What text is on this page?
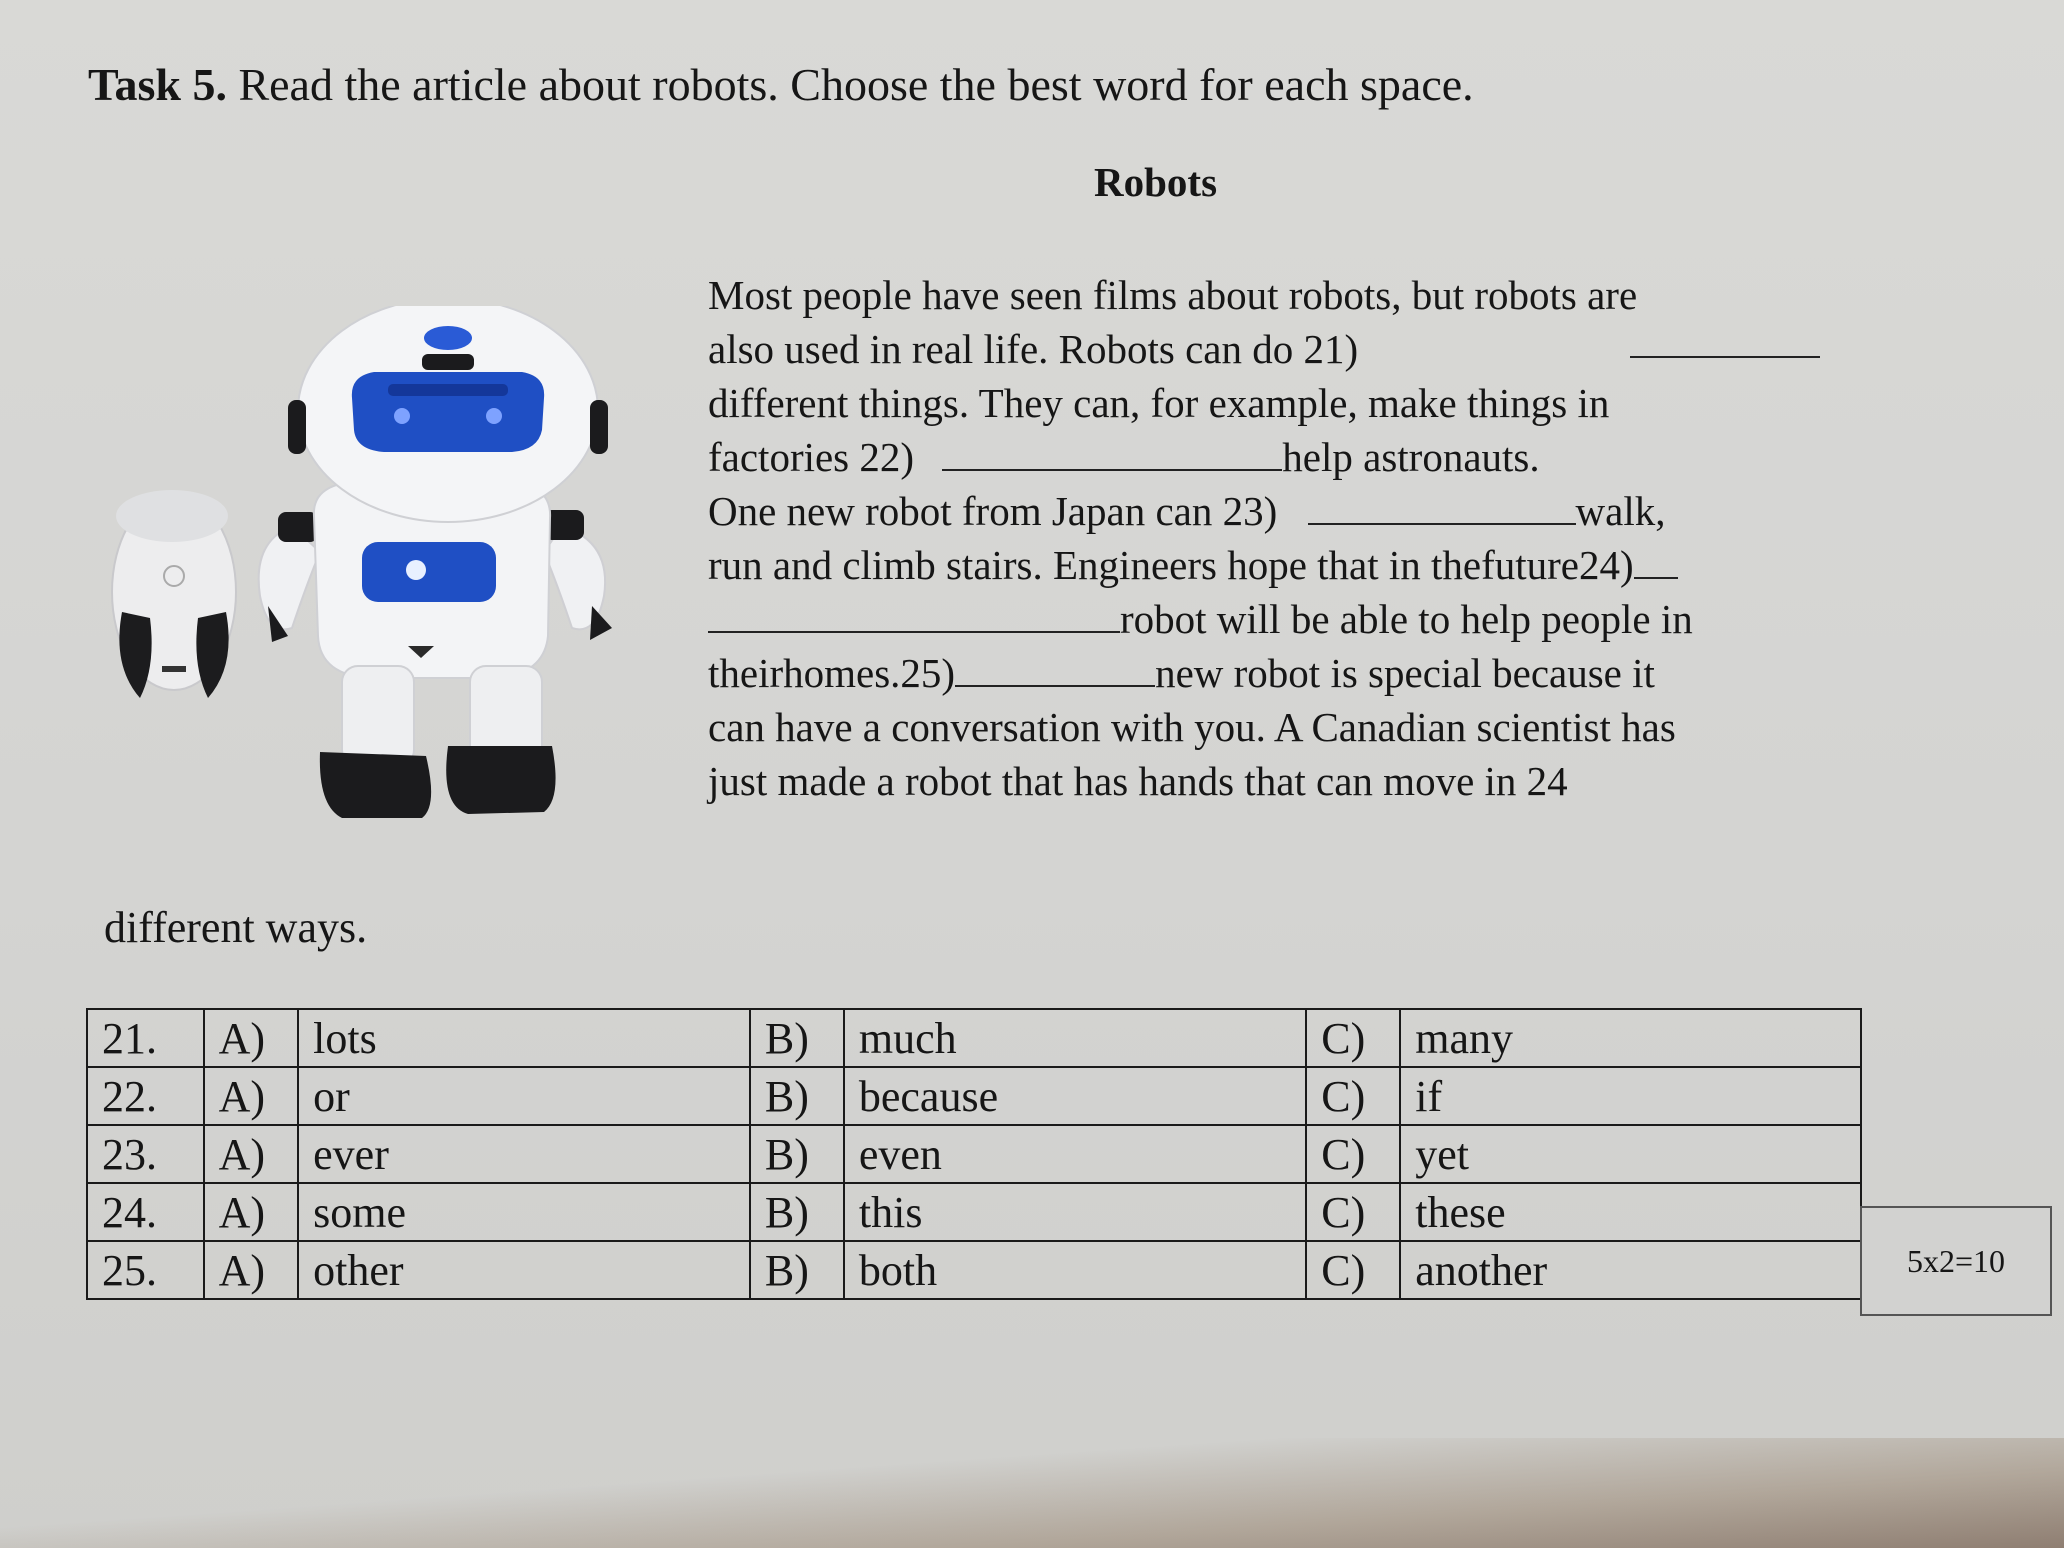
Task 5. Read the article about robots. Choose the best word for each space.
Robots
Most people have seen films about robots, but robots are
also used in real life. Robots can do 21)
different things. They can, for example, make things in
factories 22)	help astronauts.
One new robot from Japan can 23)	walk,
run and climb stairs. Engineers hope that in thefuture24)
robot will be able to help people in
theirhomes.25)	new robot is special because it
can have a conversation with you. A Canadian scientist has
just made a robot that has hands that can move in 24
different ways.
21.	A)	lots	B)	much	C)	many
22.	A)	or	B)	because	C)	if
23.	A)	ever	B)	even	C)	yet
24.	A)	some	B)	this	C)	these
25.	A)	other	B)	both	C)	another	5x2=10
